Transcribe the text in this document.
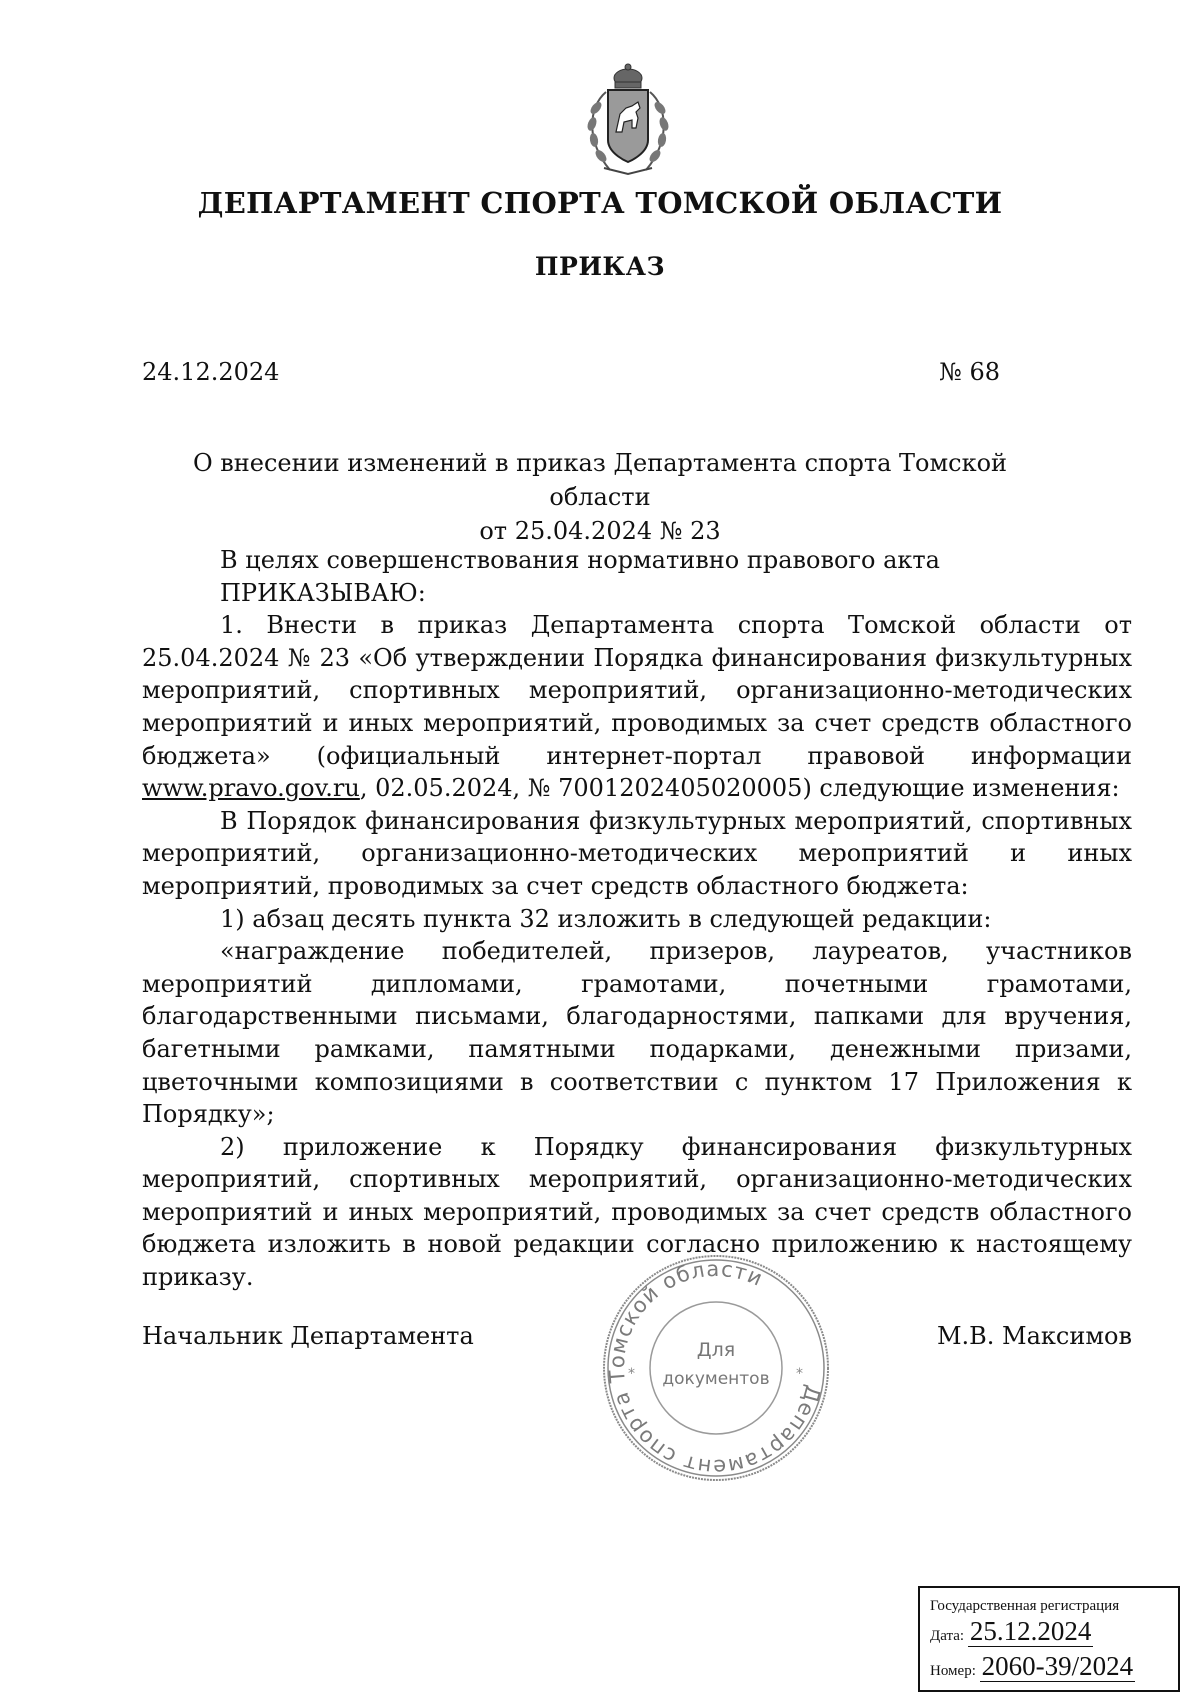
ДЕПАРТАМЕНТ СПОРТА ТОМСКОЙ ОБЛАСТИ
ПРИКАЗ
24.12.2024	№ 68
О внесении изменений в приказ Департамента спорта Томской области
от 25.04.2024 № 23

В целях совершенствования нормативно правового акта

ПРИКАЗЫВАЮ:

1. Внести в приказ Департамента спорта Томской области от 25.04.2024 № 23 «Об утверждении Порядка финансирования физкультурных мероприятий, спортивных мероприятий, организационно-методических мероприятий и иных мероприятий, проводимых за счет средств областного бюджета» (официальный интернет-портал правовой информации www.pravo.gov.ru, 02.05.2024, № 7001202405020005) следующие изменения:

В Порядок финансирования физкультурных мероприятий, спортивных мероприятий, организационно-методических мероприятий и иных мероприятий, проводимых за счет средств областного бюджета:

1) абзац десять пункта 32 изложить в следующей редакции:

«награждение победителей, призеров, лауреатов, участников мероприятий дипломами, грамотами, почетными грамотами, благодарственными письмами, благодарностями, папками для вручения, багетными рамками, памятными подарками, денежными призами, цветочными композициями в соответствии с пунктом 17 Приложения к Порядку»;

2) приложение к Порядку финансирования физкультурных мероприятий, спортивных мероприятий, организационно-методических мероприятий и иных мероприятий, проводимых за счет средств областного бюджета изложить в новой редакции согласно приложению к настоящему приказу.

Начальник Департамента	М.В. Максимов
Департамент спорта Томской области
*	*
Для
документов
Государственная регистрация
Дата: 25.12.2024
Номер: 2060-39/2024
